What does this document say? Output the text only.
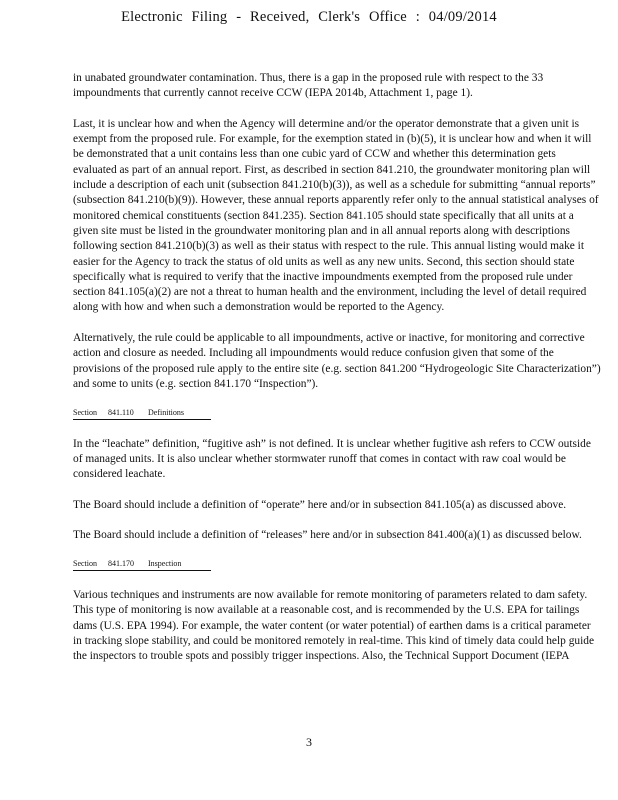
Electronic Filing - Received, Clerk's Office : 04/09/2014

in unabated groundwater contamination. Thus, there is a gap in the proposed rule with respect to the 33 impoundments that currently cannot receive CCW (IEPA 2014b, Attachment 1, page 1).

Last, it is unclear how and when the Agency will determine and/or the operator demonstrate that a given unit is exempt from the proposed rule. For example, for the exemption stated in (b)(5), it is unclear how and when it will be demonstrated that a unit contains less than one cubic yard of CCW and whether this determination gets evaluated as part of an annual report. First, as described in section 841.210, the groundwater monitoring plan will include a description of each unit (subsection 841.210(b)(3)), as well as a schedule for submitting “annual reports” (subsection 841.210(b)(9)). However, these annual reports apparently refer only to the annual statistical analyses of monitored chemical constituents (section 841.235). Section 841.105 should state specifically that all units at a given site must be listed in the groundwater monitoring plan and in all annual reports along with descriptions following section 841.210(b)(3) as well as their status with respect to the rule. This annual listing would make it easier for the Agency to track the status of old units as well as any new units. Second, this section should state specifically what is required to verify that the inactive impoundments exempted from the proposed rule under section 841.105(a)(2) are not a threat to human health and the environment, including the level of detail required along with how and when such a demonstration would be reported to the Agency.

Alternatively, the rule could be applicable to all impoundments, active or inactive, for monitoring and corrective action and closure as needed. Including all impoundments would reduce confusion given that some of the provisions of the proposed rule apply to the entire site (e.g. section 841.200 “Hydrogeologic Site Characterization”) and some to units (e.g. section 841.170 “Inspection”).

Section 841.110 Definitions

In the “leachate” definition, “fugitive ash” is not defined. It is unclear whether fugitive ash refers to CCW outside of managed units. It is also unclear whether stormwater runoff that comes in contact with raw coal would be considered leachate.

The Board should include a definition of “operate” here and/or in subsection 841.105(a) as discussed above.

The Board should include a definition of “releases” here and/or in subsection 841.400(a)(1) as discussed below.

Section 841.170 Inspection

Various techniques and instruments are now available for remote monitoring of parameters related to dam safety. This type of monitoring is now available at a reasonable cost, and is recommended by the U.S. EPA for tailings dams (U.S. EPA 1994). For example, the water content (or water potential) of earthen dams is a critical parameter in tracking slope stability, and could be monitored remotely in real-time. This kind of timely data could help guide the inspectors to trouble spots and possibly trigger inspections. Also, the Technical Support Document (IEPA

3
